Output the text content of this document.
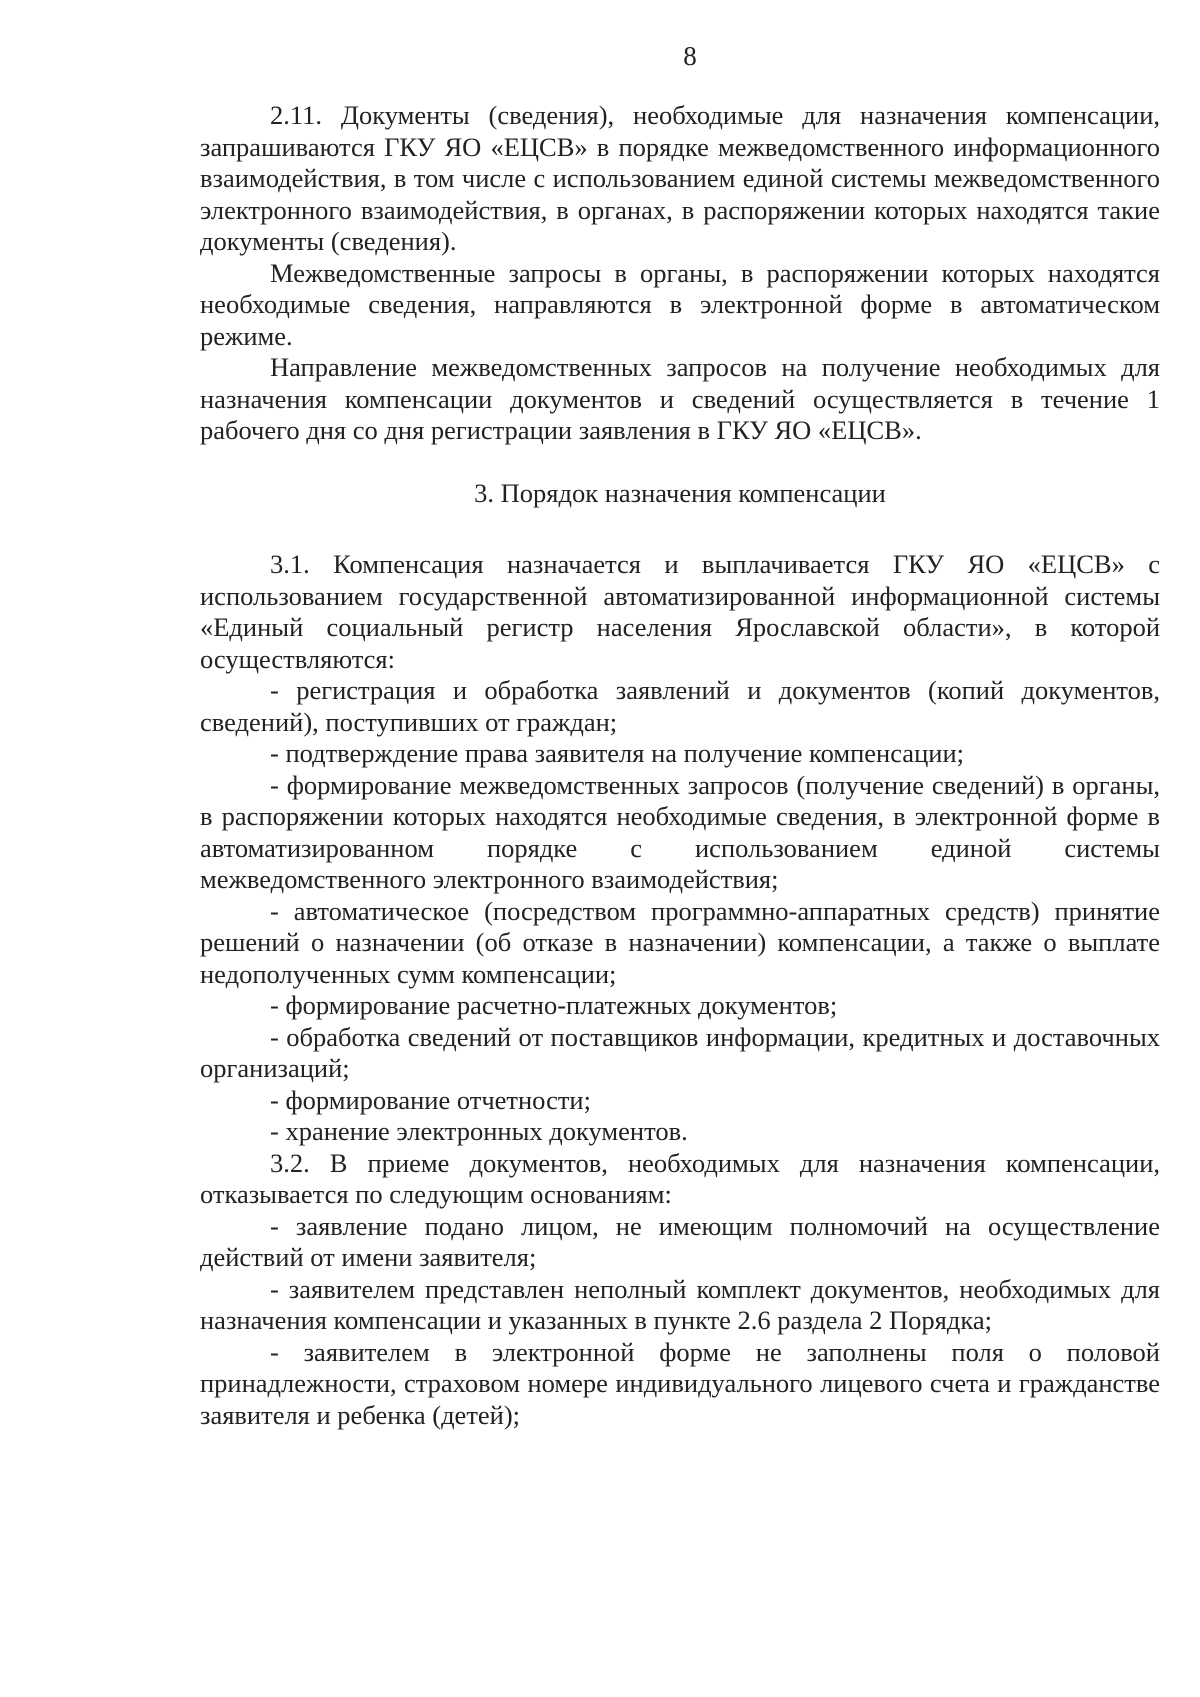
8

2.11. Документы (сведения), необходимые для назначения компенсации, запрашиваются ГКУ ЯО «ЕЦСВ» в порядке межведомственного информационного взаимодействия, в том числе с использованием единой системы межведомственного электронного взаимодействия, в органах, в распоряжении которых находятся такие документы (сведения).

Межведомственные запросы в органы, в распоряжении которых находятся необходимые сведения, направляются в электронной форме в автоматическом режиме.

Направление межведомственных запросов на получение необходимых для назначения компенсации документов и сведений осуществляется в течение 1 рабочего дня со дня регистрации заявления в ГКУ ЯО «ЕЦСВ».

3. Порядок назначения компенсации

3.1. Компенсация назначается и выплачивается ГКУ ЯО «ЕЦСВ» с использованием государственной автоматизированной информационной системы «Единый социальный регистр населения Ярославской области», в которой осуществляются:

- регистрация и обработка заявлений и документов (копий документов, сведений), поступивших от граждан;

- подтверждение права заявителя на получение компенсации;

- формирование межведомственных запросов (получение сведений) в органы, в распоряжении которых находятся необходимые сведения, в электронной форме в автоматизированном порядке с использованием единой системы межведомственного электронного взаимодействия;

- автоматическое (посредством программно-аппаратных средств) принятие решений о назначении (об отказе в назначении) компенсации, а также о выплате недополученных сумм компенсации;

- формирование расчетно-платежных документов;

- обработка сведений от поставщиков информации, кредитных и доставочных организаций;

- формирование отчетности;

- хранение электронных документов.

3.2. В приеме документов, необходимых для назначения компенсации, отказывается по следующим основаниям:

- заявление подано лицом, не имеющим полномочий на осуществление действий от имени заявителя;

- заявителем представлен неполный комплект документов, необходимых для назначения компенсации и указанных в пункте 2.6 раздела 2 Порядка;

- заявителем в электронной форме не заполнены поля о половой принадлежности, страховом номере индивидуального лицевого счета и гражданстве заявителя и ребенка (детей);
